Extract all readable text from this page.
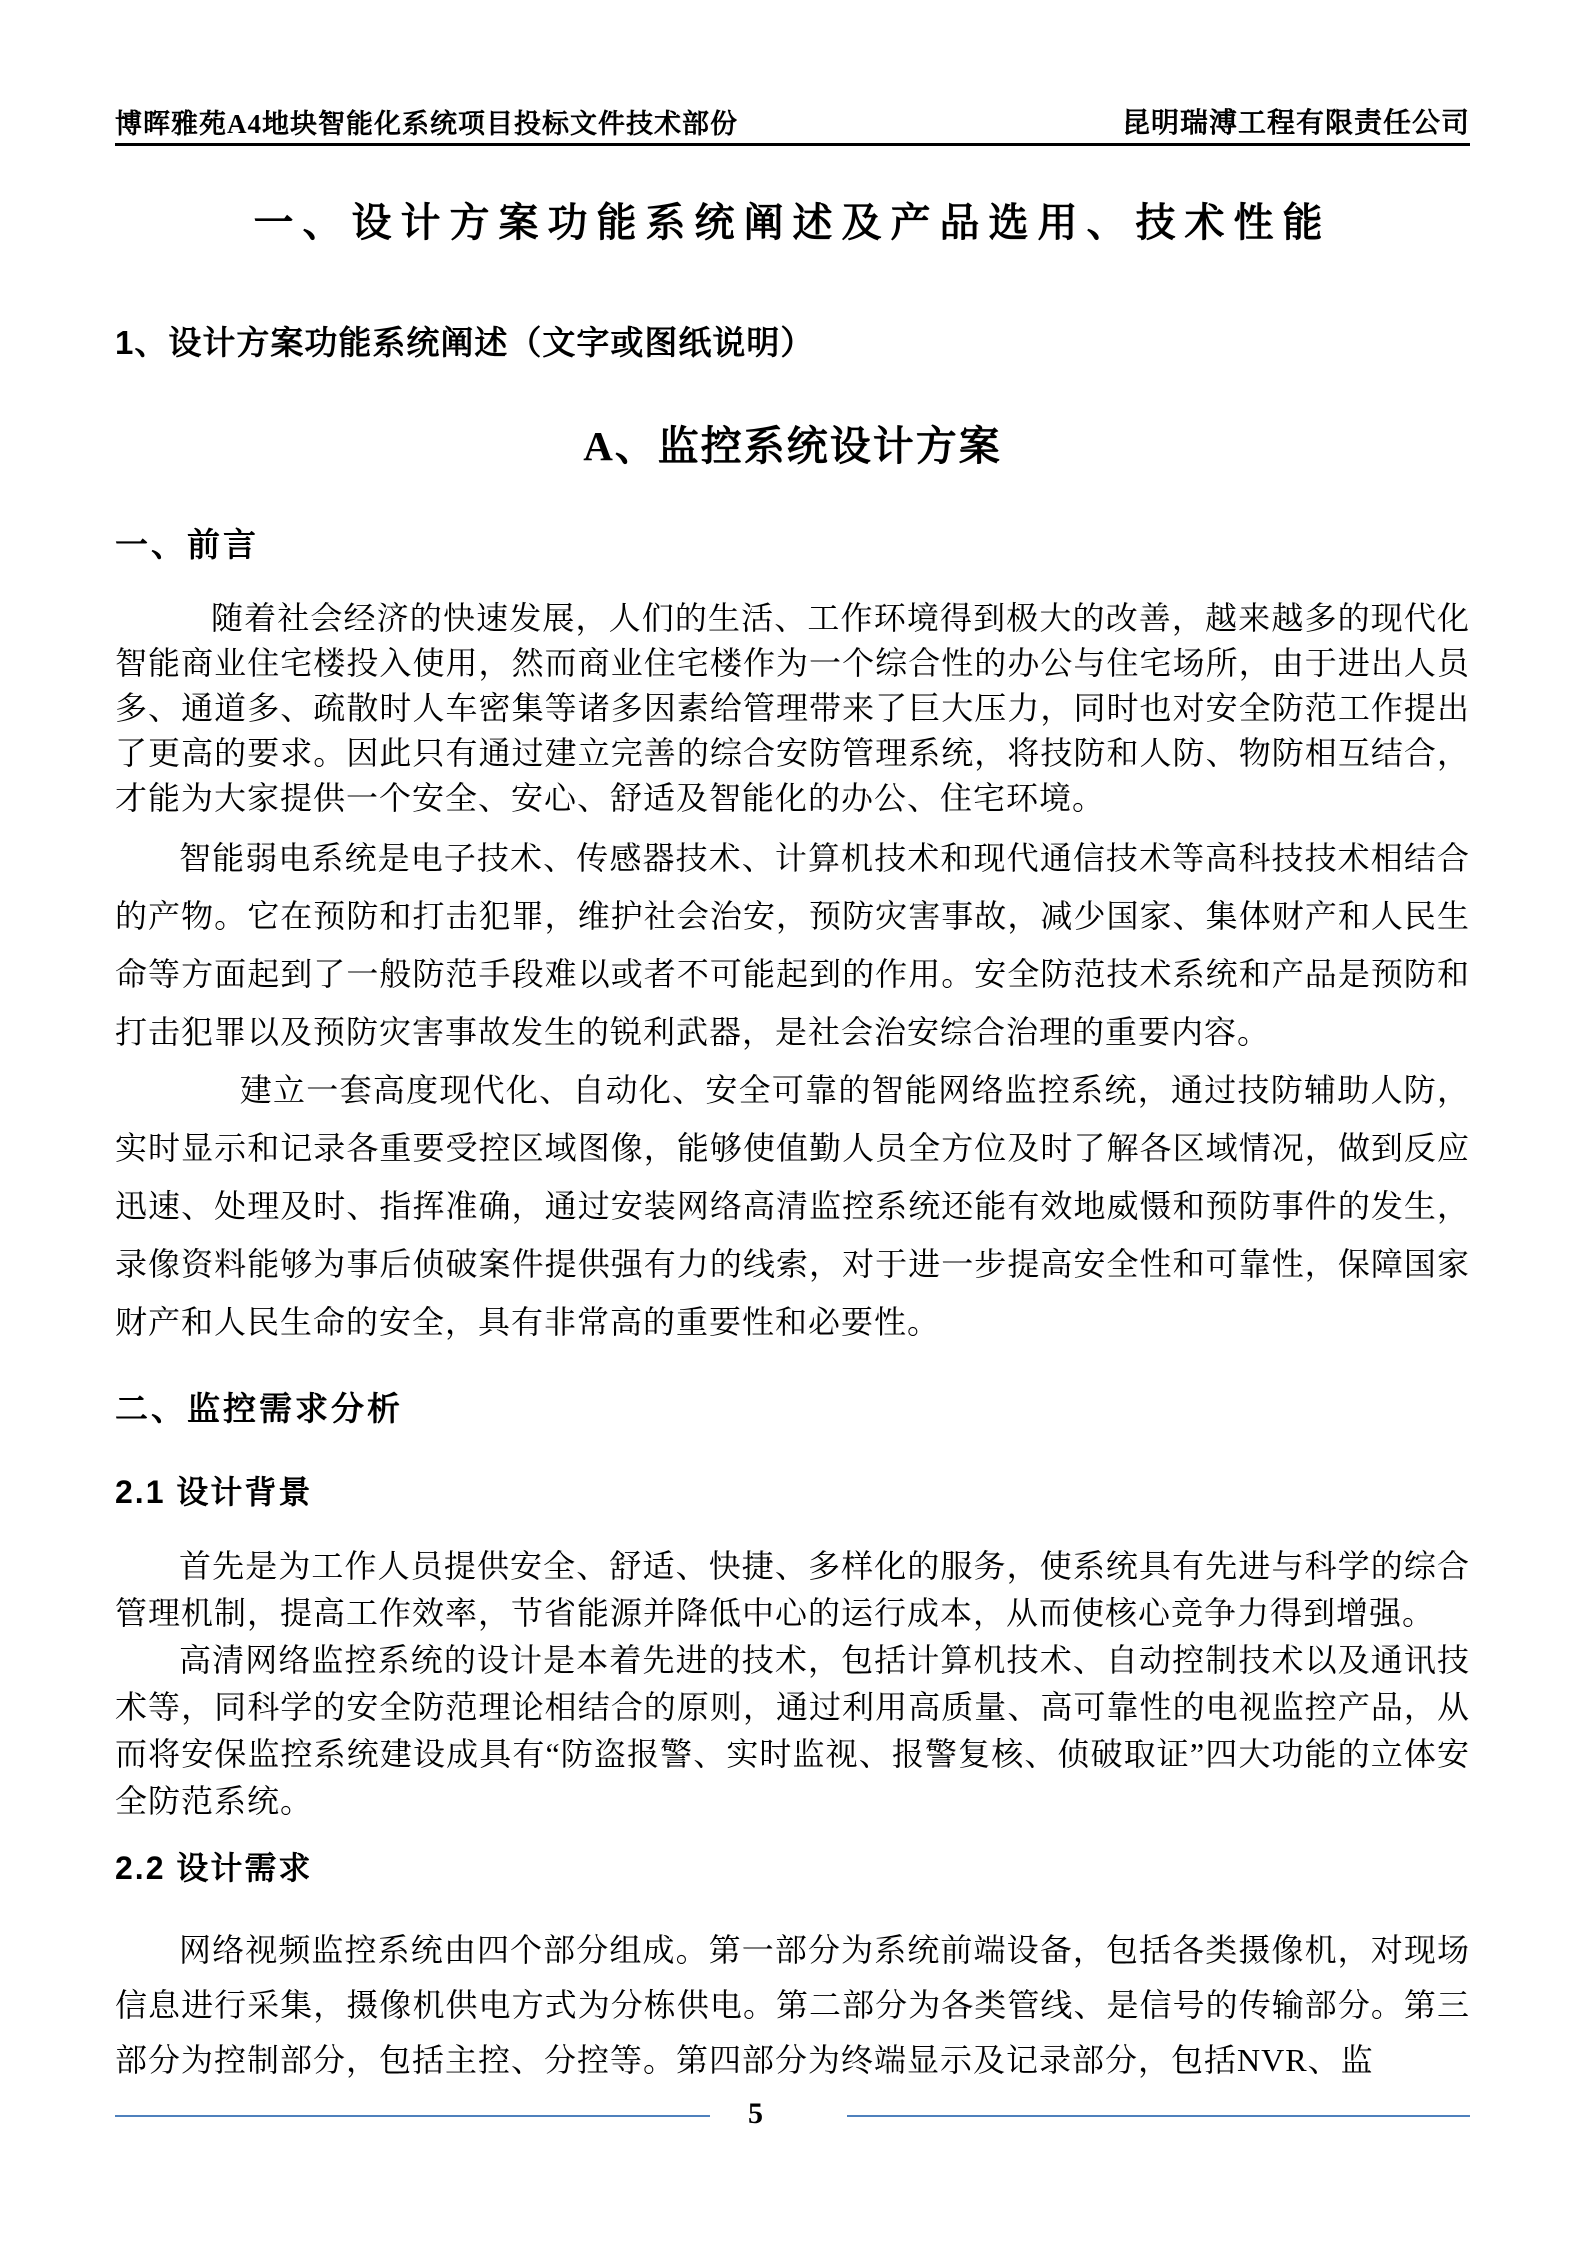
博晖雅苑A4地块智能化系统项目投标文件技术部份	昆明瑞溥工程有限责任公司
一、设计方案功能系统阐述及产品选用、技术性能
1、设计方案功能系统阐述（文字或图纸说明）
A、监控系统设计方案
一、前言

随着社会经济的快速发展，人们的生活、工作环境得到极大的改善，越来越多的现代化智能商业住宅楼投入使用，然而商业住宅楼作为一个综合性的办公与住宅场所，由于进出人员多、通道多、疏散时人车密集等诸多因素给管理带来了巨大压力，同时也对安全防范工作提出了更高的要求。因此只有通过建立完善的综合安防管理系统，将技防和人防、物防相互结合，才能为大家提供一个安全、安心、舒适及智能化的办公、住宅环境。

智能弱电系统是电子技术、传感器技术、计算机技术和现代通信技术等高科技技术相结合的产物。它在预防和打击犯罪，维护社会治安，预防灾害事故，减少国家、集体财产和人民生命等方面起到了一般防范手段难以或者不可能起到的作用。安全防范技术系统和产品是预防和打击犯罪以及预防灾害事故发生的锐利武器，是社会治安综合治理的重要内容。

建立一套高度现代化、自动化、安全可靠的智能网络监控系统，通过技防辅助人防，实时显示和记录各重要受控区域图像，能够使值勤人员全方位及时了解各区域情况，做到反应迅速、处理及时、指挥准确，通过安装网络高清监控系统还能有效地威慑和预防事件的发生，录像资料能够为事后侦破案件提供强有力的线索，对于进一步提高安全性和可靠性，保障国家财产和人民生命的安全，具有非常高的重要性和必要性。

二、监控需求分析
2.1 设计背景

首先是为工作人员提供安全、舒适、快捷、多样化的服务，使系统具有先进与科学的综合管理机制，提高工作效率，节省能源并降低中心的运行成本，从而使核心竞争力得到增强。

高清网络监控系统的设计是本着先进的技术，包括计算机技术、自动控制技术以及通讯技术等，同科学的安全防范理论相结合的原则，通过利用高质量、高可靠性的电视监控产品，从而将安保监控系统建设成具有“防盗报警、实时监视、报警复核、侦破取证”四大功能的立体安全防范系统。

2.2 设计需求

网络视频监控系统由四个部分组成。第一部分为系统前端设备，包括各类摄像机，对现场信息进行采集，摄像机供电方式为分栋供电。第二部分为各类管线、是信号的传输部分。第三部分为控制部分，包括主控、分控等。第四部分为终端显示及记录部分，包括NVR、监

5
